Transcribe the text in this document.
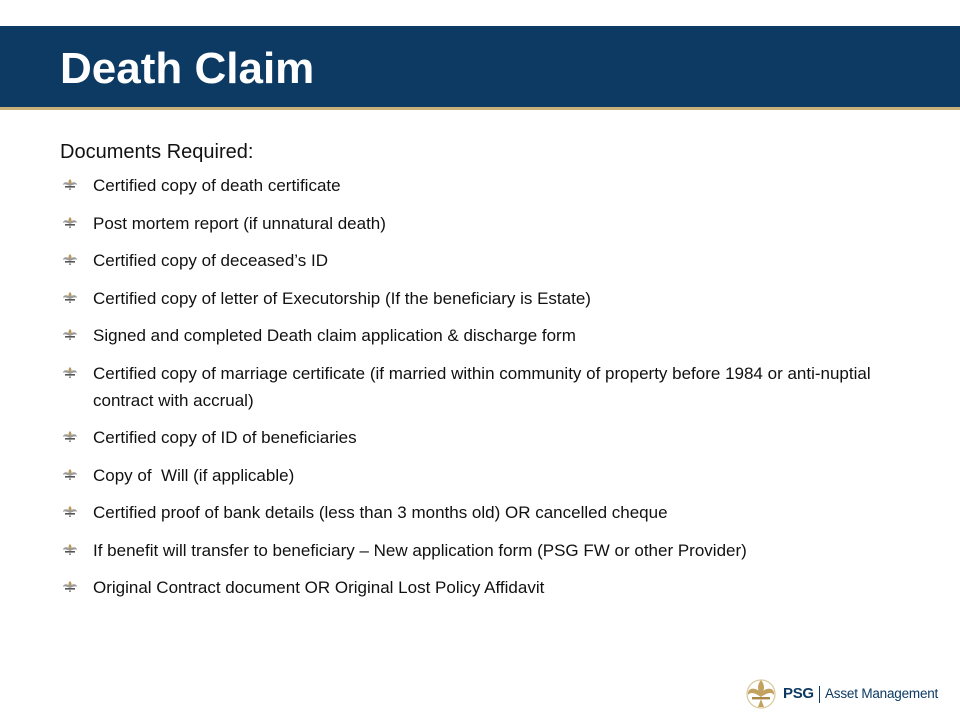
Death Claim
Documents Required:
Certified copy of death certificate
Post mortem report (if unnatural death)
Certified copy of deceased’s ID
Certified copy of letter of Executorship (If the beneficiary is Estate)
Signed and completed Death claim application & discharge form
Certified copy of marriage certificate (if married within community of property before 1984 or anti-nuptial contract with accrual)
Certified copy of ID of beneficiaries
Copy of  Will (if applicable)
Certified proof of bank details (less than 3 months old) OR cancelled cheque
If benefit will transfer to beneficiary – New application form (PSG FW or other Provider)
Original Contract document OR Original Lost Policy Affidavit
PSG Asset Management
